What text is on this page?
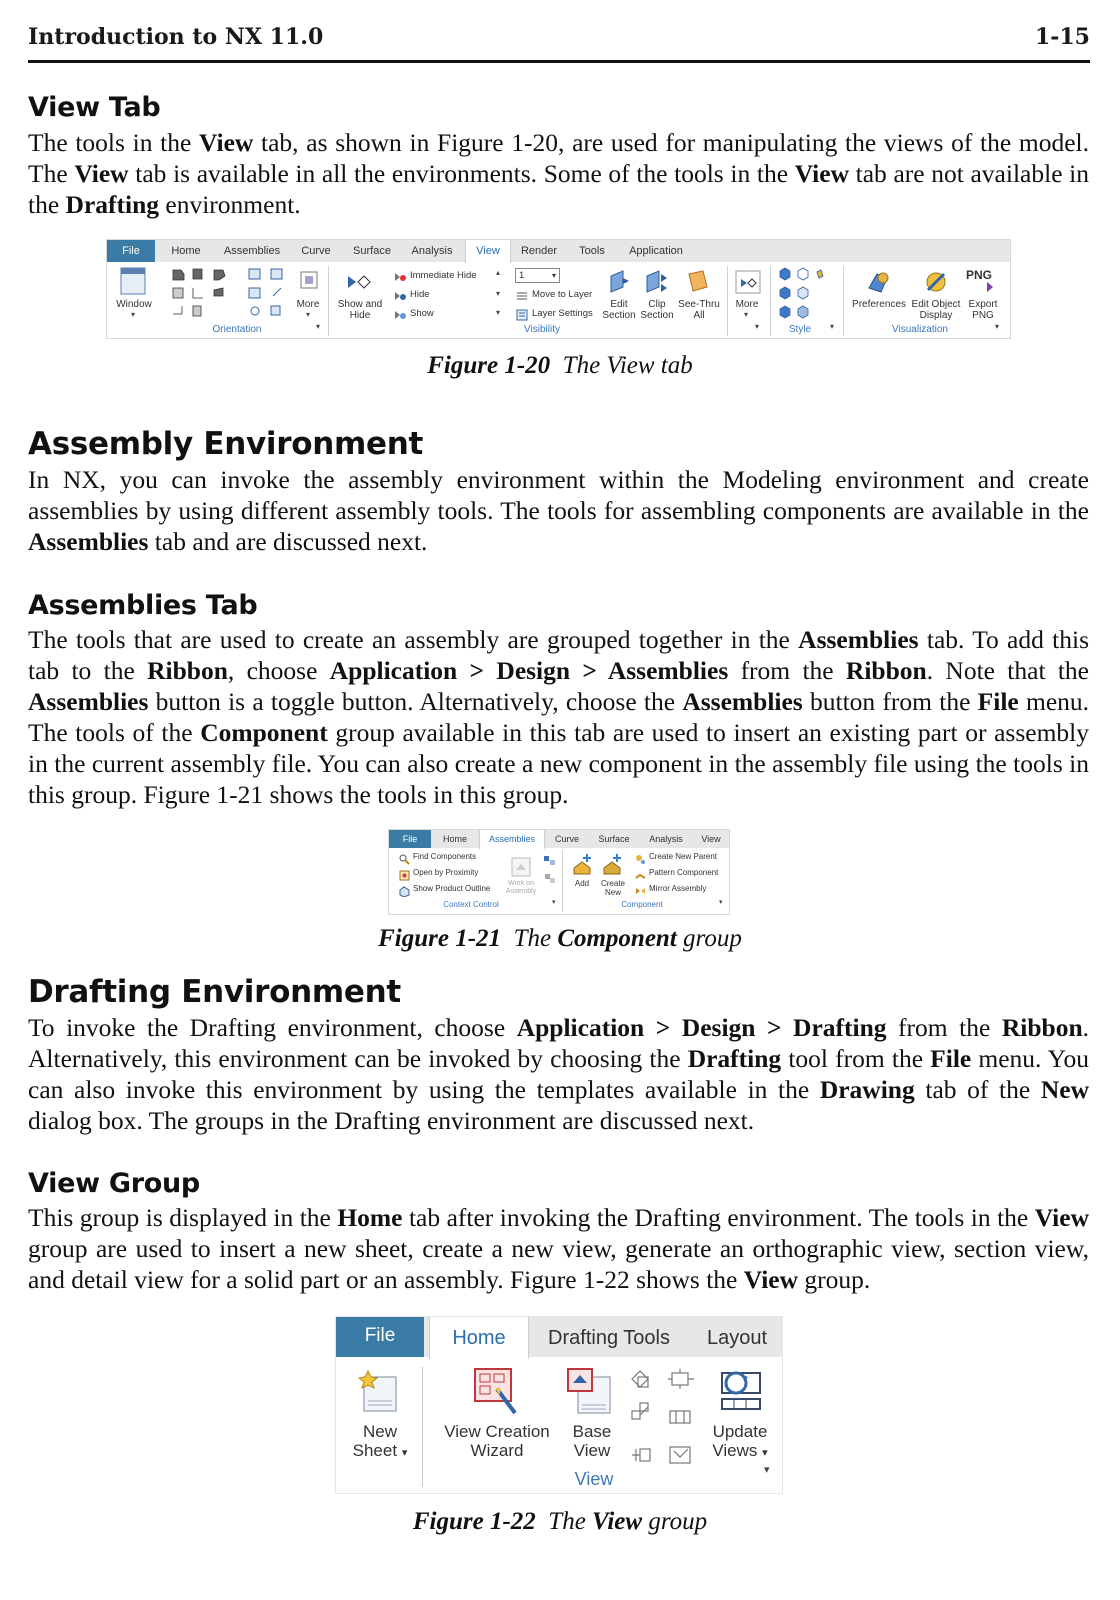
Introduction to NX 11.0	1-15
View Tab

The tools in the View tab, as shown in Figure 1-20, are used for manipulating the views of the model. The View tab is available in all the environments. Some of the tools in the View tab are not available in the Drafting environment.

File	Home	Assemblies	Curve	Surface	Analysis	View	Render	Tools	Application
Window
▾
More
▾
Orientation	▾
Show and Hide
Immediate Hide
Hide
Show
▴
▾
▾
1	▾
Move to Layer
Layer Settings
Visibility
Edit Section
Clip Section
See-Thru All
More
▾
▾	Style	▾
Preferences Edit Object Display
PNG
Export PNG
Visualization	▾
Figure 1-20 The View tab
Assembly Environment

In NX, you can invoke the assembly environment within the Modeling environment and create assemblies by using different assembly tools. The tools for assembling components are available in the Assemblies tab and are discussed next.

Assemblies Tab

The tools that are used to create an assembly are grouped together in the Assemblies tab. To add this tab to the Ribbon, choose Application > Design > Assemblies from the Ribbon. Note that the Assemblies button is a toggle button. Alternatively, choose the Assemblies button from the File menu. The tools of the Component group available in this tab are used to insert an existing part or assembly in the current assembly file. You can also create a new component in the assembly file using the tools in this group. Figure 1-21 shows the tools in this group.

File	Home	Assemblies	Curve	Surface	Analysis	View
Find Components
Open by Proximity
Show Product Outline
Work on Assembly
Context Control	▾
Add	Create New
Create New Parent
Pattern Component
Mirror Assembly
Component	▾
Figure 1-21 The Component group
Drafting Environment

To invoke the Drafting environment, choose Application > Design > Drafting from the Ribbon. Alternatively, this environment can be invoked by choosing the Drafting tool from the File menu. You can also invoke this environment by using the templates available in the Drawing tab of the New dialog box. The groups in the Drafting environment are discussed next.

View Group

This group is displayed in the Home tab after invoking the Drafting environment. The tools in the View group are used to insert a new sheet, create a new view, generate an orthographic view, section view, and detail view for a solid part or an assembly. Figure 1-22 shows the View group.

File	Home	Drafting Tools	Layout
New
Sheet ▾
View Creation
Wizard
Base
View
Update
Views ▾
View	▾
Figure 1-22 The View group
